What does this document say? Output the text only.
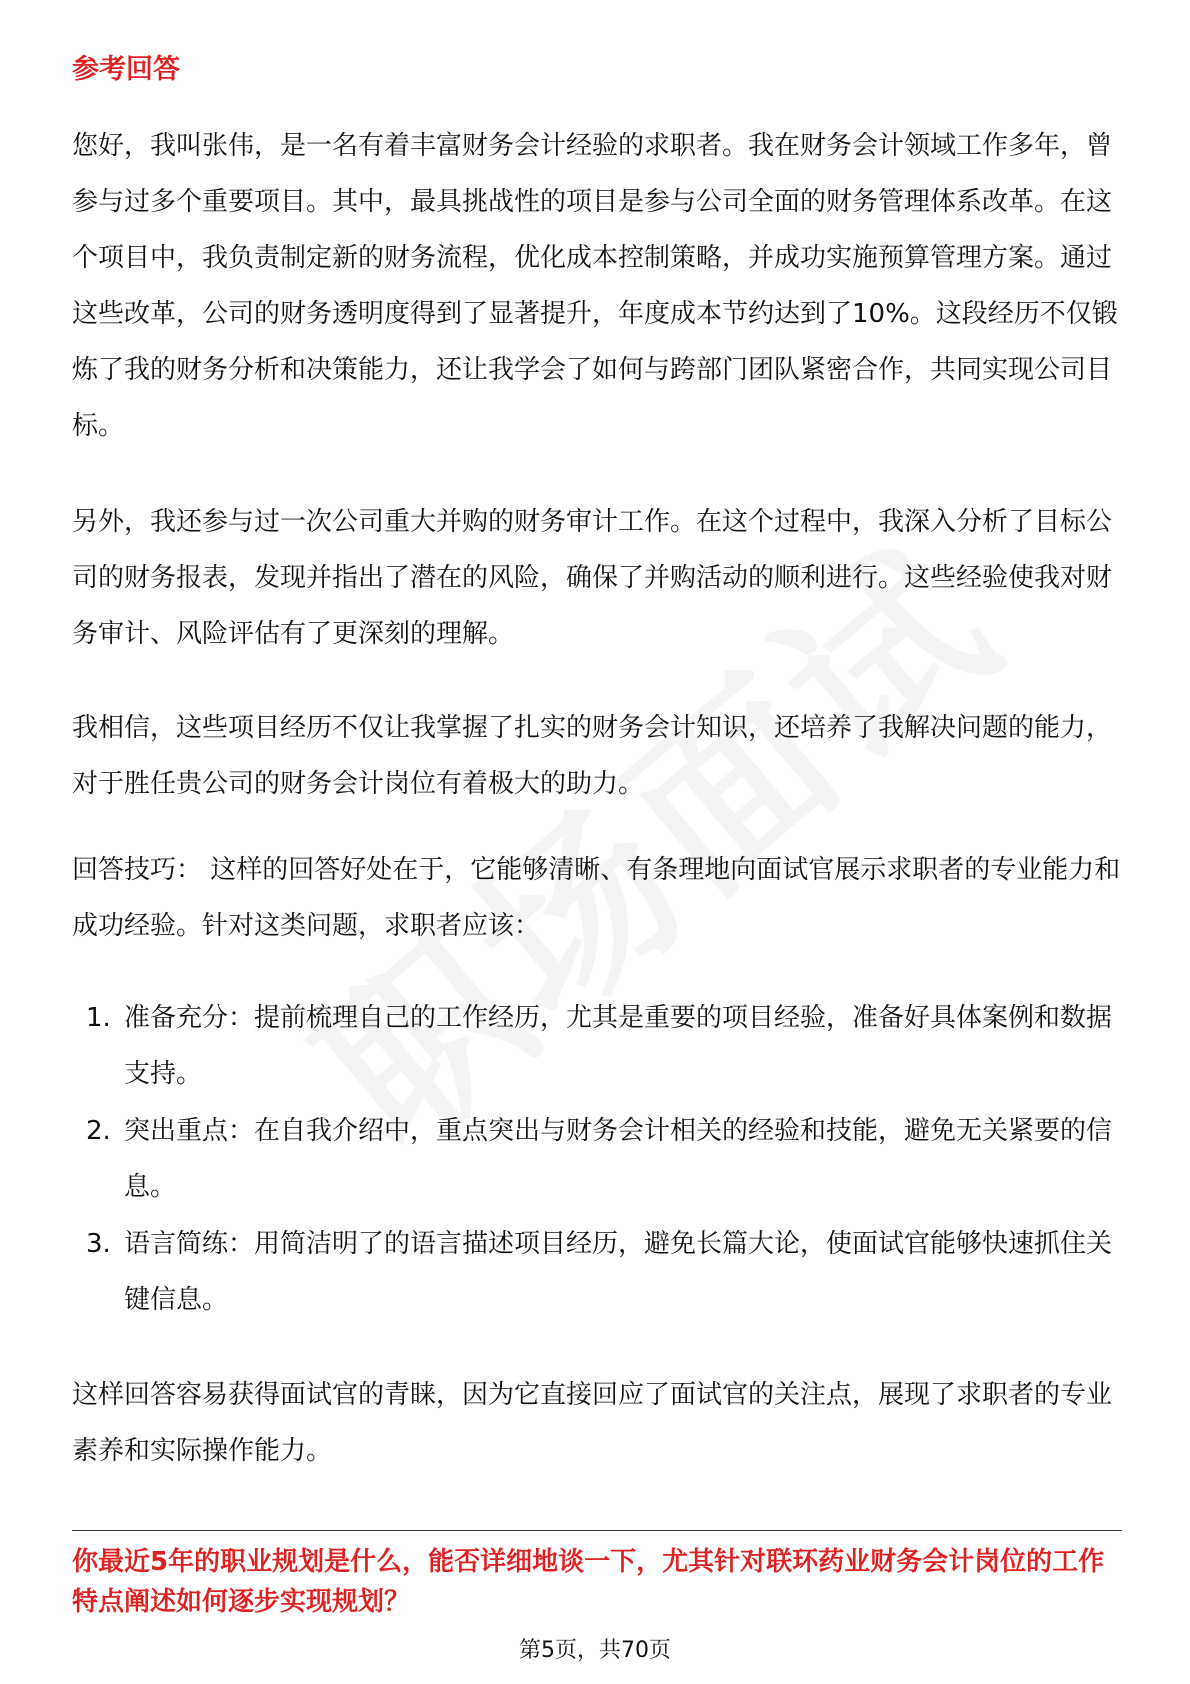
参考回答

您好，我叫张伟，是一名有着丰富财务会计经验的求职者。我在财务会计领域工作多年，曾参与过多个重要项目。其中，最具挑战性的项目是参与公司全面的财务管理体系改革。在这个项目中，我负责制定新的财务流程，优化成本控制策略，并成功实施预算管理方案。通过这些改革，公司的财务透明度得到了显著提升，年度成本节约达到了10%。这段经历不仅锻炼了我的财务分析和决策能力，还让我学会了如何与跨部门团队紧密合作，共同实现公司目标。

另外，我还参与过一次公司重大并购的财务审计工作。在这个过程中，我深入分析了目标公司的财务报表，发现并指出了潜在的风险，确保了并购活动的顺利进行。这些经验使我对财务审计、风险评估有了更深刻的理解。

我相信，这些项目经历不仅让我掌握了扎实的财务会计知识，还培养了我解决问题的能力，对于胜任贵公司的财务会计岗位有着极大的助力。

回答技巧： 这样的回答好处在于，它能够清晰、有条理地向面试官展示求职者的专业能力和成功经验。针对这类问题，求职者应该：

1. 准备充分：提前梳理自己的工作经历，尤其是重要的项目经验，准备好具体案例和数据支持。
2. 突出重点：在自我介绍中，重点突出与财务会计相关的经验和技能，避免无关紧要的信息。
3. 语言简练：用简洁明了的语言描述项目经历，避免长篇大论，使面试官能够快速抓住关键信息。

这样回答容易获得面试官的青睐，因为它直接回应了面试官的关注点，展现了求职者的专业素养和实际操作能力。

你最近5年的职业规划是什么，能否详细地谈一下，尤其针对联环药业财务会计岗位的工作特点阐述如何逐步实现规划？

第5页，共70页
